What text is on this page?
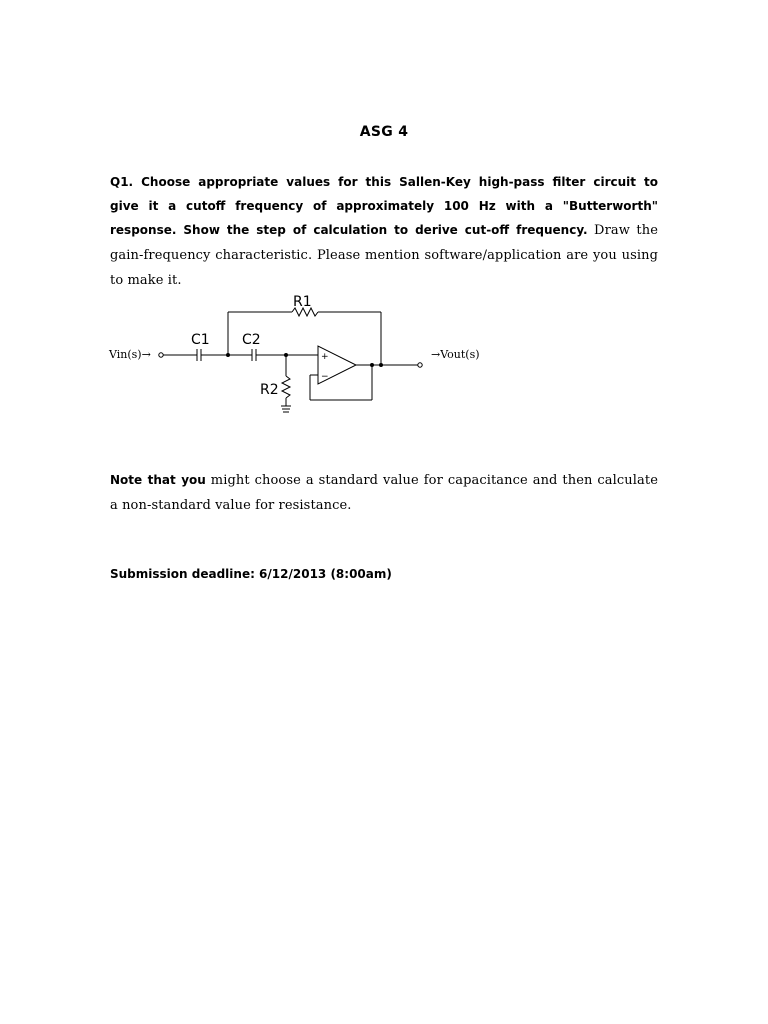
ASG 4
Q1. Choose appropriate values for this Sallen-Key high-pass filter circuit to give it a cutoff frequency of approximately 100 Hz with a "Butterworth" response. Show the step of calculation to derive cut-off frequency. Draw the gain-frequency characteristic. Please mention software/application are you using to make it.
Vin(s)→	→Vout(s)
C1 C2
R1
R2
+
−
Note that you might choose a standard value for capacitance and then calculate a non-standard value for resistance.
Submission deadline: 6/12/2013 (8:00am)
